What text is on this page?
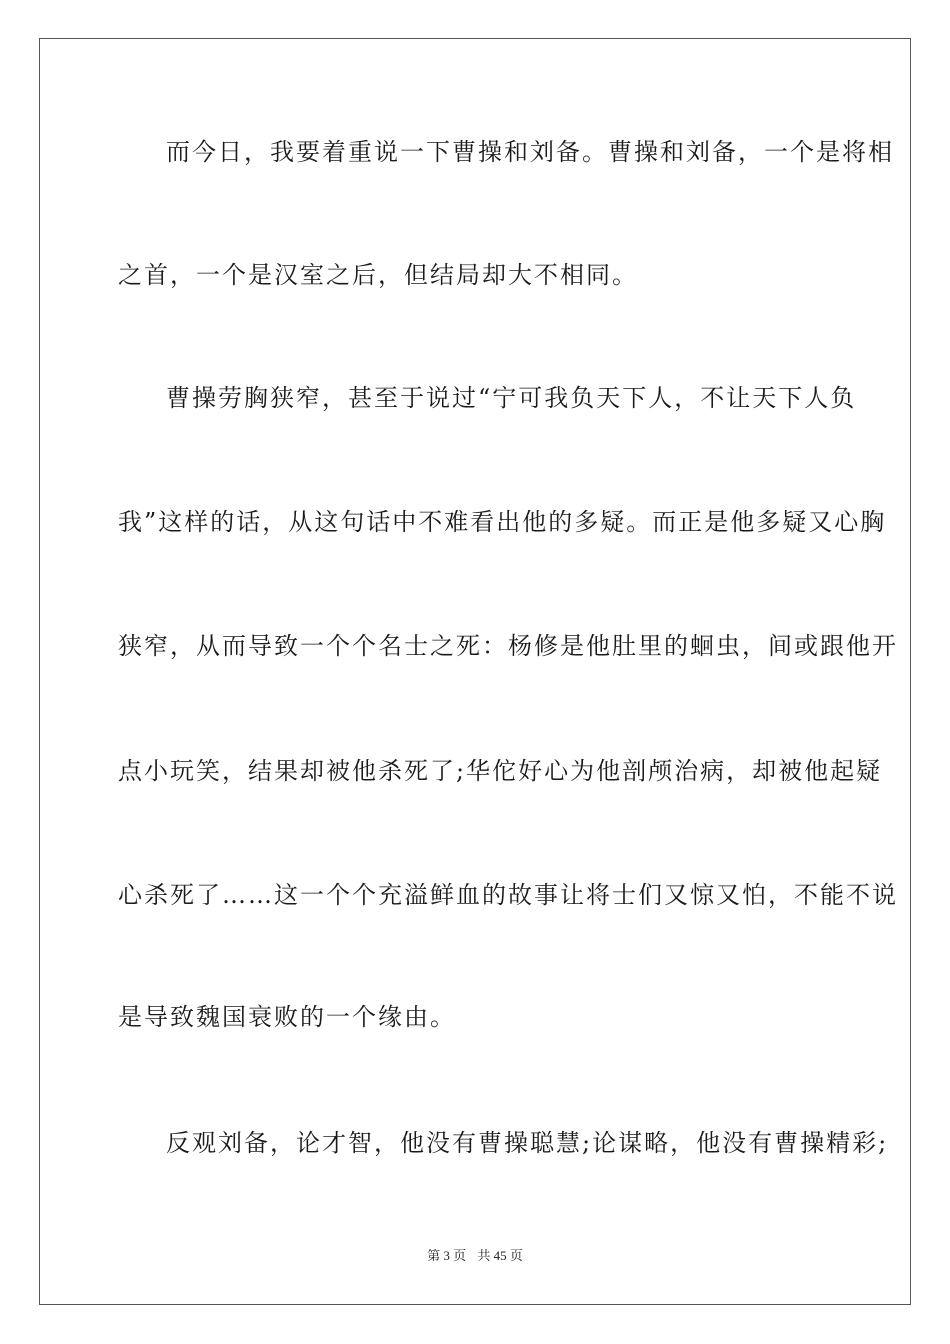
而今日，我要着重说一下曹操和刘备。曹操和刘备，一个是将相
之首，一个是汉室之后，但结局却大不相同。
曹操劳胸狭窄，甚至于说过“宁可我负天下人，不让天下人负
我”这样的话，从这句话中不难看出他的多疑。而正是他多疑又心胸
狭窄，从而导致一个个名士之死：杨修是他肚里的蛔虫，间或跟他开
点小玩笑，结果却被他杀死了;华佗好心为他剖颅治病，却被他起疑
心杀死了……这一个个充溢鲜血的故事让将士们又惊又怕，不能不说
是导致魏国衰败的一个缘由。
反观刘备，论才智，他没有曹操聪慧;论谋略，他没有曹操精彩;
第 3 页 共 45 页
